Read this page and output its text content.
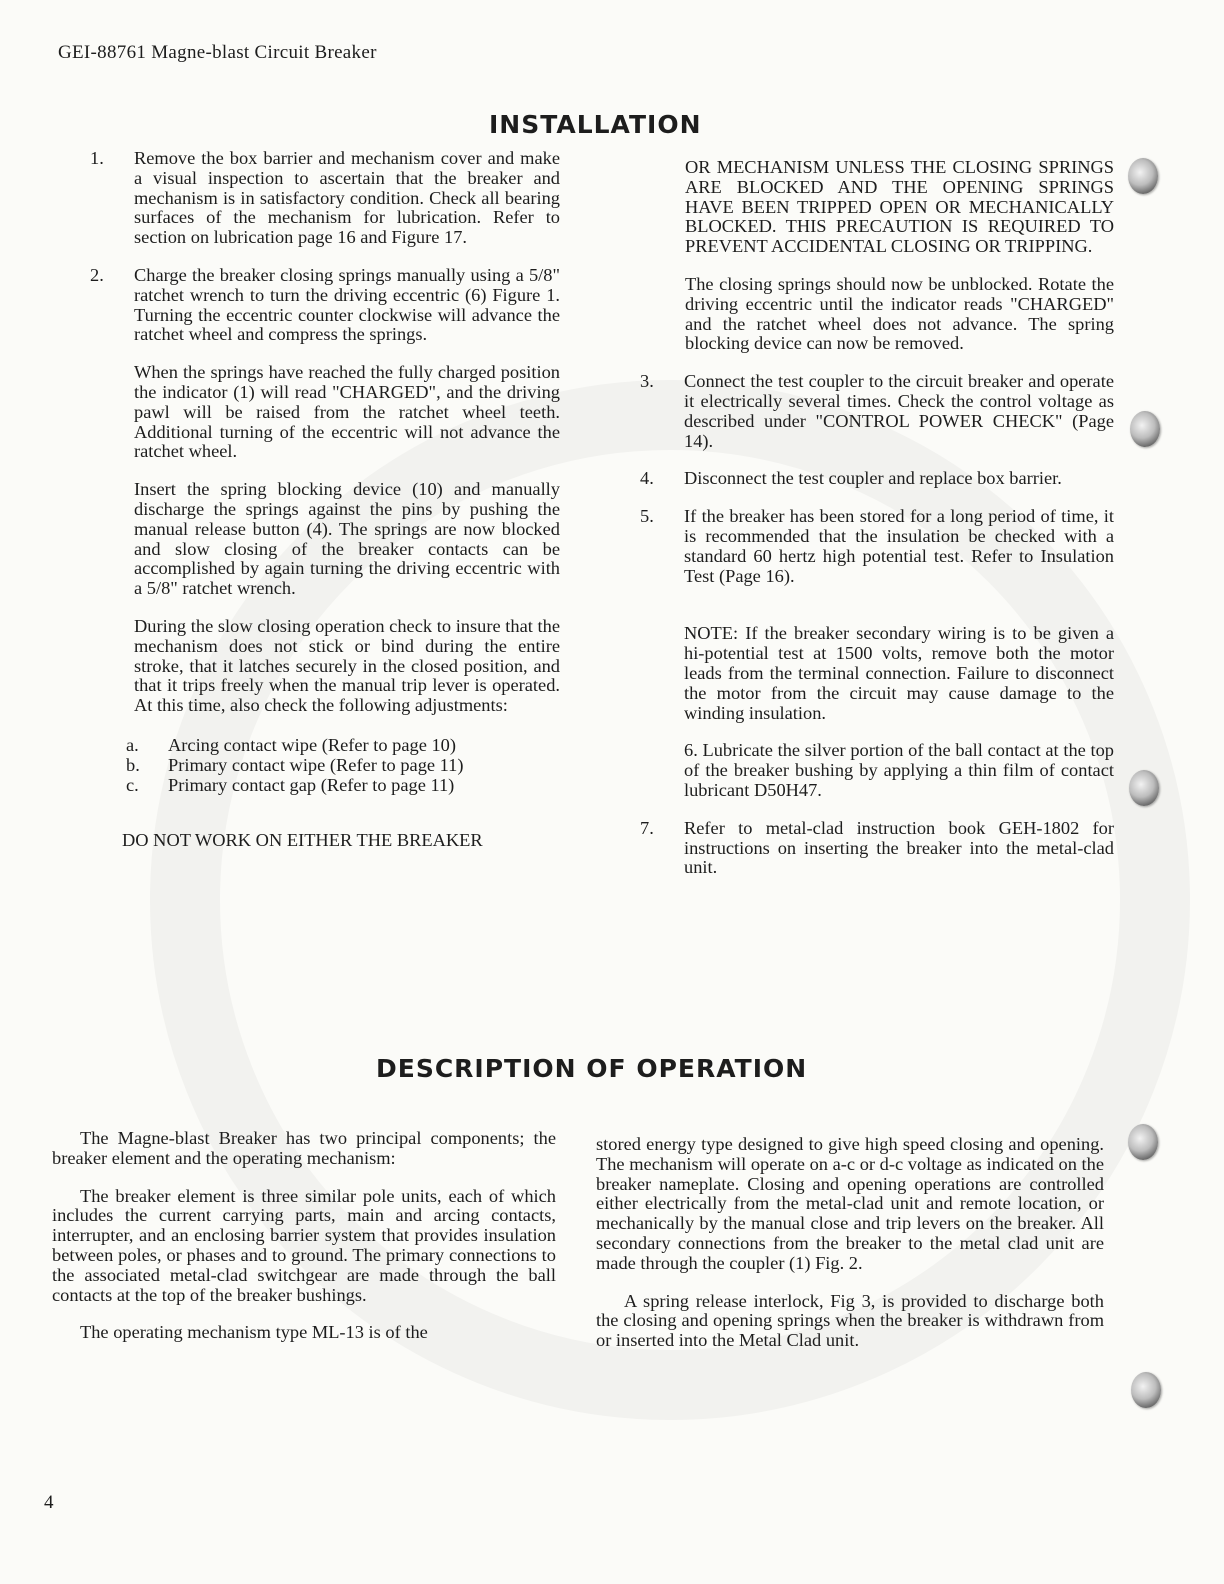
GEI-88761 Magne-blast Circuit Breaker
INSTALLATION
1.	Remove the box barrier and mechanism cover and make a visual inspection to ascertain that the breaker and mechanism is in satisfactory condition. Check all bearing surfaces of the mechanism for lubrication. Refer to section on lubrication page 16 and Figure 17.

2.	Charge the breaker closing springs manually using a 5/8" ratchet wrench to turn the driving eccentric (6) Figure 1. Turning the eccentric counter clockwise will advance the ratchet wheel and compress the springs.

When the springs have reached the fully charged position the indicator (1) will read "CHARGED", and the driving pawl will be raised from the ratchet wheel teeth. Additional turning of the eccentric will not advance the ratchet wheel.

Insert the spring blocking device (10) and manually discharge the springs against the pins by pushing the manual release button (4). The springs are now blocked and slow closing of the breaker contacts can be accomplished by again turning the driving eccentric with a 5/8" ratchet wrench.

During the slow closing operation check to insure that the mechanism does not stick or bind during the entire stroke, that it latches securely in the closed position, and that it trips freely when the manual trip lever is operated. At this time, also check the following adjustments:

a.	Arcing contact wipe (Refer to page 10)
b.	Primary contact wipe (Refer to page 11)
c.	Primary contact gap (Refer to page 11)

DO NOT WORK ON EITHER THE BREAKER

OR MECHANISM UNLESS THE CLOSING SPRINGS ARE BLOCKED AND THE OPENING SPRINGS HAVE BEEN TRIPPED OPEN OR MECHANICALLY BLOCKED. THIS PRECAUTION IS REQUIRED TO PREVENT ACCIDENTAL CLOSING OR TRIPPING.

The closing springs should now be unblocked. Rotate the driving eccentric until the indicator reads "CHARGED" and the ratchet wheel does not advance. The spring blocking device can now be removed.

3.	Connect the test coupler to the circuit breaker and operate it electrically several times. Check the control voltage as described under "CONTROL POWER CHECK" (Page 14).

4.	Disconnect the test coupler and replace box barrier.

5.	If the breaker has been stored for a long period of time, it is recommended that the insulation be checked with a standard 60 hertz high potential test. Refer to Insulation Test (Page 16).

NOTE: If the breaker secondary wiring is to be given a hi-potential test at 1500 volts, remove both the motor leads from the terminal connection. Failure to disconnect the motor from the circuit may cause damage to the winding insulation.

6. Lubricate the silver portion of the ball contact at the top of the breaker bushing by applying a thin film of contact lubricant D50H47.

7.	Refer to metal-clad instruction book GEH-1802 for instructions on inserting the breaker into the metal-clad unit.

DESCRIPTION OF OPERATION

The Magne-blast Breaker has two principal components; the breaker element and the operating mechanism:

The breaker element is three similar pole units, each of which includes the current carrying parts, main and arcing contacts, interrupter, and an enclosing barrier system that provides insulation between poles, or phases and to ground. The primary connections to the associated metal-clad switchgear are made through the ball contacts at the top of the breaker bushings.

The operating mechanism type ML-13 is of the

stored energy type designed to give high speed closing and opening. The mechanism will operate on a-c or d-c voltage as indicated on the breaker nameplate. Closing and opening operations are controlled either electrically from the metal-clad unit and remote location, or mechanically by the manual close and trip levers on the breaker. All secondary connections from the breaker to the metal clad unit are made through the coupler (1) Fig. 2.

A spring release interlock, Fig 3, is provided to discharge both the closing and opening springs when the breaker is withdrawn from or inserted into the Metal Clad unit.

4
